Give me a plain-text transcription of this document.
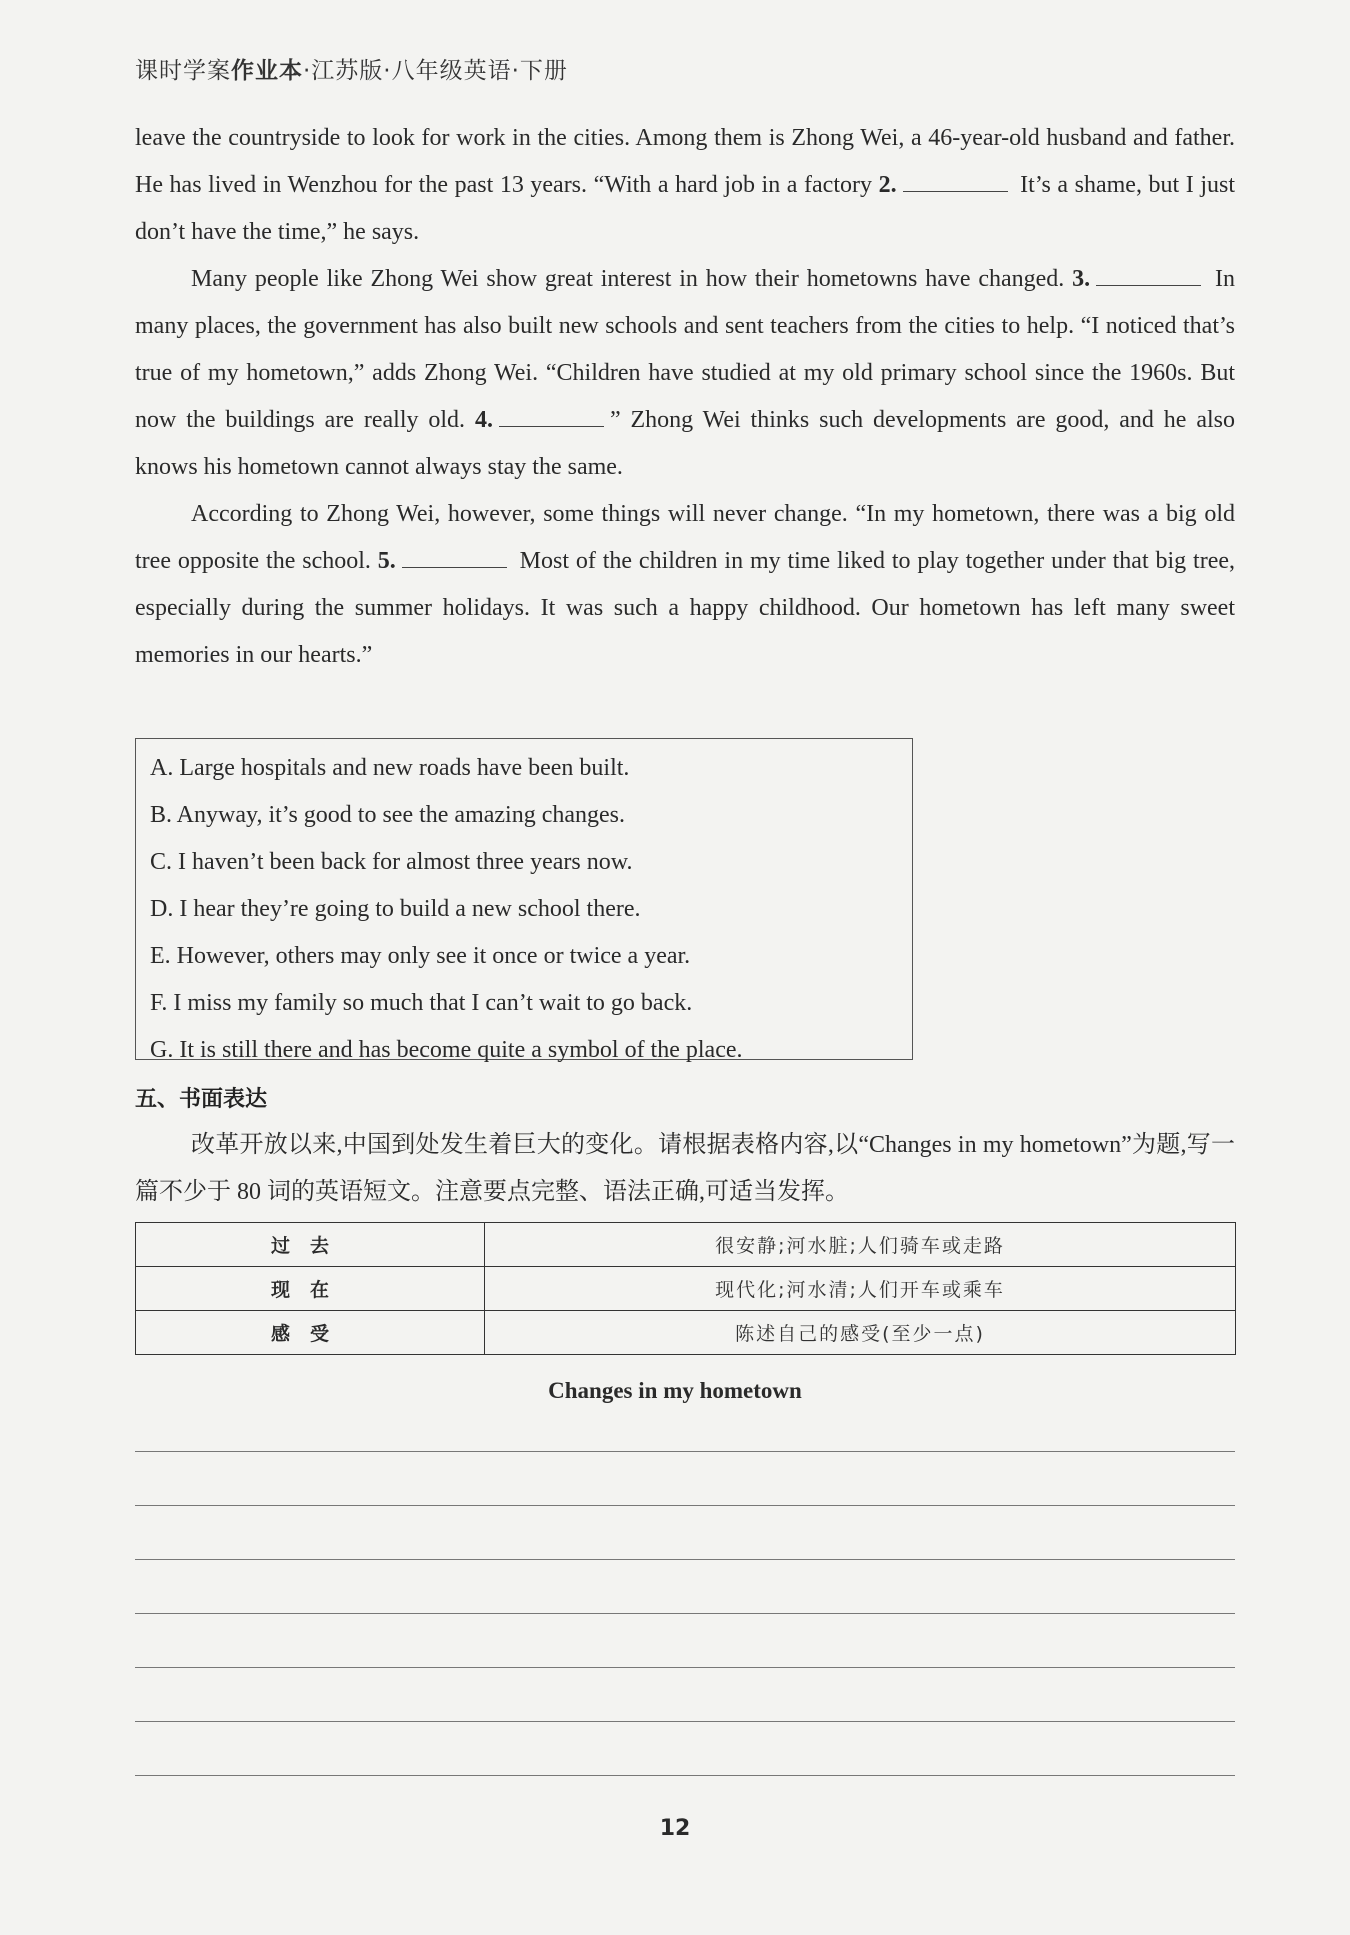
课时学案作业本·江苏版·八年级英语·下册

leave the countryside to look for work in the cities. Among them is Zhong Wei, a 46-year-old husband and father. He has lived in Wenzhou for the past 13 years. “With a hard job in a factory 2.	It’s a shame, but I just don’t have the time,” he says.

Many people like Zhong Wei show great interest in how their hometowns have changed. 3.	In many places, the government has also built new schools and sent teachers from the cities to help. “I noticed that’s true of my hometown,” adds Zhong Wei. “Children have studied at my old primary school since the 1960s. But now the buildings are really old. 4.	” Zhong Wei thinks such developments are good, and he also knows his hometown cannot always stay the same.

According to Zhong Wei, however, some things will never change. “In my hometown, there was a big old tree opposite the school. 5.	Most of the children in my time liked to play together under that big tree, especially during the summer holidays. It was such a happy childhood. Our hometown has left many sweet memories in our hearts.”

A. Large hospitals and new roads have been built.
B. Anyway, it’s good to see the amazing changes.
C. I haven’t been back for almost three years now.
D. I hear they’re going to build a new school there.
E. However, others may only see it once or twice a year.
F. I miss my family so much that I can’t wait to go back.
G. It is still there and has become quite a symbol of the place.
五、书面表达

改革开放以来,中国到处发生着巨大的变化。请根据表格内容,以“Changes in my hometown”为题,写一篇不少于 80 词的英语短文。注意要点完整、语法正确,可适当发挥。

过去	很安静;河水脏;人们骑车或走路
现在	现代化;河水清;人们开车或乘车
感受	陈述自己的感受(至少一点)
Changes in my hometown
12
